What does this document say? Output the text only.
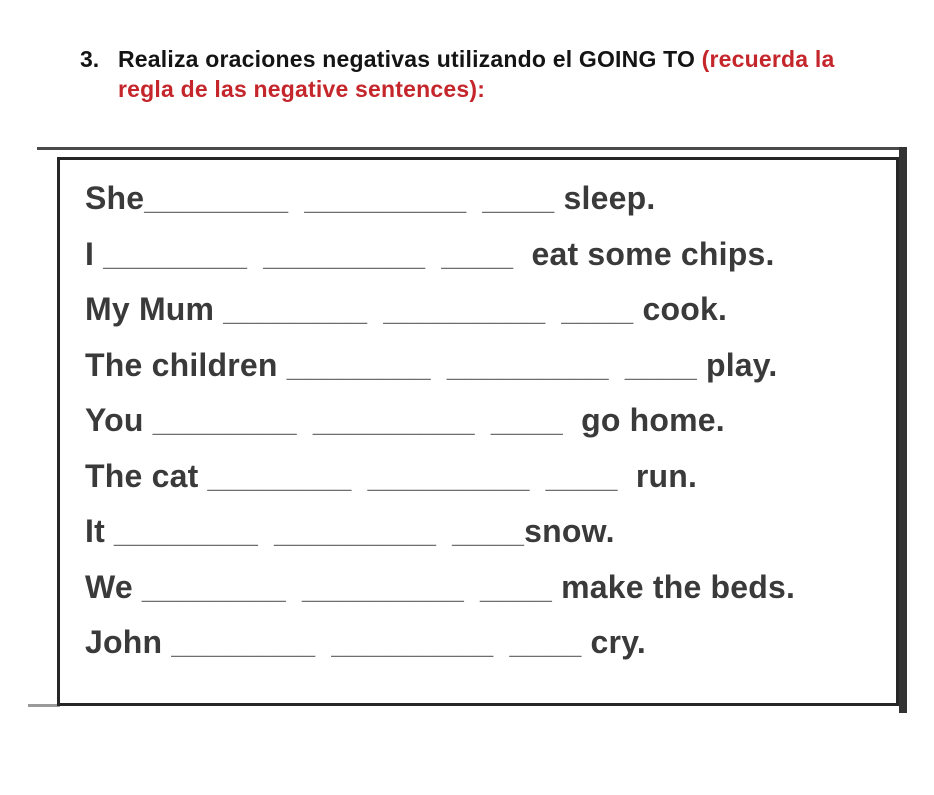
3. Realiza oraciones negativas utilizando el GOING TO (recuerda la regla de las negative sentences):

She ________ _________ ____ sleep.
I ________ _________ ____ eat some chips.
My Mum ________ _________ ____ cook.
The children ________ _________ ____ play.
You ________ _________ ____ go home.
The cat ________ _________ ____ run.
It ________ _________ ____ snow.
We ________ _________ ____ make the beds.
John ________ _________ ____ cry.
